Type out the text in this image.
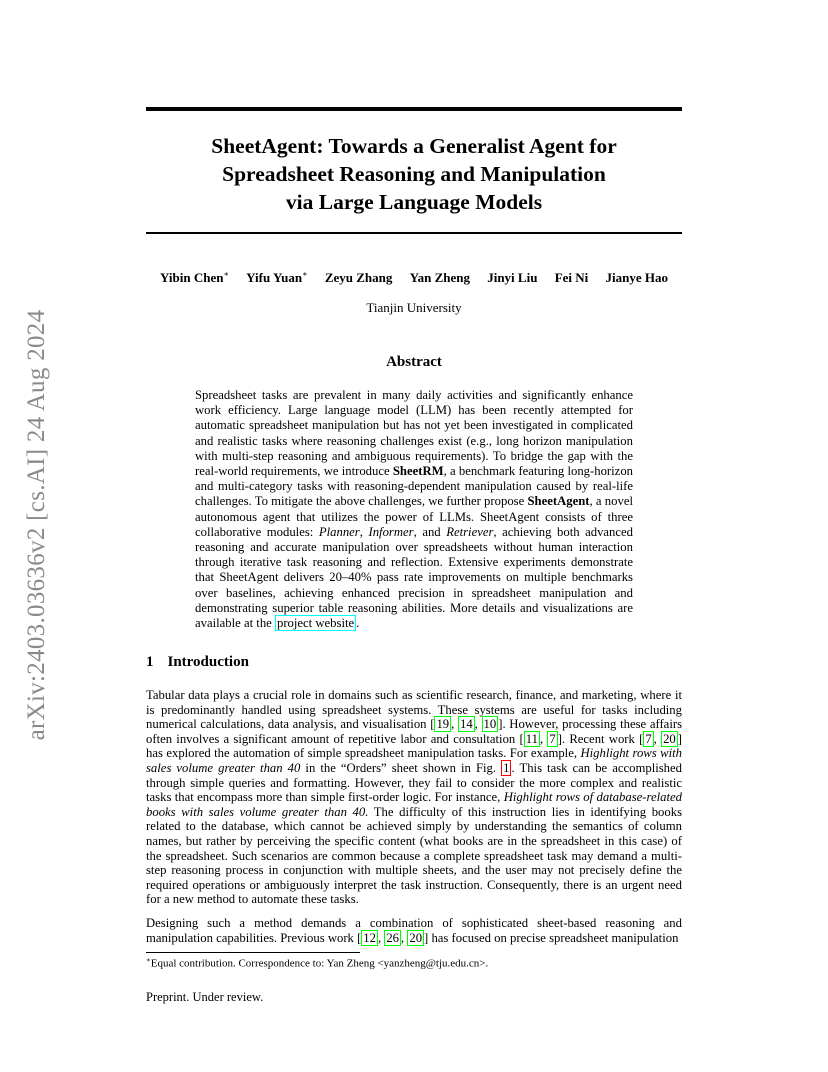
arXiv:2403.03636v2 [cs.AI] 24 Aug 2024
SheetAgent: Towards a Generalist Agent for
Spreadsheet Reasoning and Manipulation
via Large Language Models
Yibin Chen∗ Yifu Yuan∗ Zeyu Zhang Yan Zheng Jinyi Liu Fei Ni Jianye Hao
Tianjin University
Abstract

Spreadsheet tasks are prevalent in many daily activities and significantly enhance work efficiency. Large language model (LLM) has been recently attempted for automatic spreadsheet manipulation but has not yet been investigated in complicated and realistic tasks where reasoning challenges exist (e.g., long horizon manipulation with multi-step reasoning and ambiguous requirements). To bridge the gap with the real-world requirements, we introduce SheetRM, a benchmark featuring long-horizon and multi-category tasks with reasoning-dependent manipulation caused by real-life challenges. To mitigate the above challenges, we further propose SheetAgent, a novel autonomous agent that utilizes the power of LLMs. SheetAgent consists of three collaborative modules: Planner, Informer, and Retriever, achieving both advanced reasoning and accurate manipulation over spreadsheets without human interaction through iterative task reasoning and reflection. Extensive experiments demonstrate that SheetAgent delivers 20–40% pass rate improvements on multiple benchmarks over baselines, achieving enhanced precision in spreadsheet manipulation and demonstrating superior table reasoning abilities. More details and visualizations are available at the project website .

1 Introduction

Tabular data plays a crucial role in domains such as scientific research, finance, and marketing, where it is predominantly handled using spreadsheet systems. These systems are useful for tasks including numerical calculations, data analysis, and visualisation [ 19 , 14 , 10 ]. However, processing these affairs often involves a significant amount of repetitive labor and consultation [ 11 , 7 ]. Recent work [ 7 , 20 ] has explored the automation of simple spreadsheet manipulation tasks. For example, Highlight rows with sales volume greater than 40 in the “Orders” sheet shown in Fig. 1 . This task can be accomplished through simple queries and formatting. However, they fail to consider the more complex and realistic tasks that encompass more than simple first-order logic. For instance, Highlight rows of database-related books with sales volume greater than 40. The difficulty of this instruction lies in identifying books related to the database, which cannot be achieved simply by understanding the semantics of column names, but rather by perceiving the specific content (what books are in the spreadsheet in this case) of the spreadsheet. Such scenarios are common because a complete spreadsheet task may demand a multi-step reasoning process in conjunction with multiple sheets, and the user may not precisely define the required operations or ambiguously interpret the task instruction. Consequently, there is an urgent need for a new method to automate these tasks.

Designing such a method demands a combination of sophisticated sheet-based reasoning and manipulation capabilities. Previous work [ 12 , 26 , 20 ] has focused on precise spreadsheet manipulation

∗Equal contribution. Correspondence to: Yan Zheng <yanzheng@tju.edu.cn>.

Preprint. Under review.
